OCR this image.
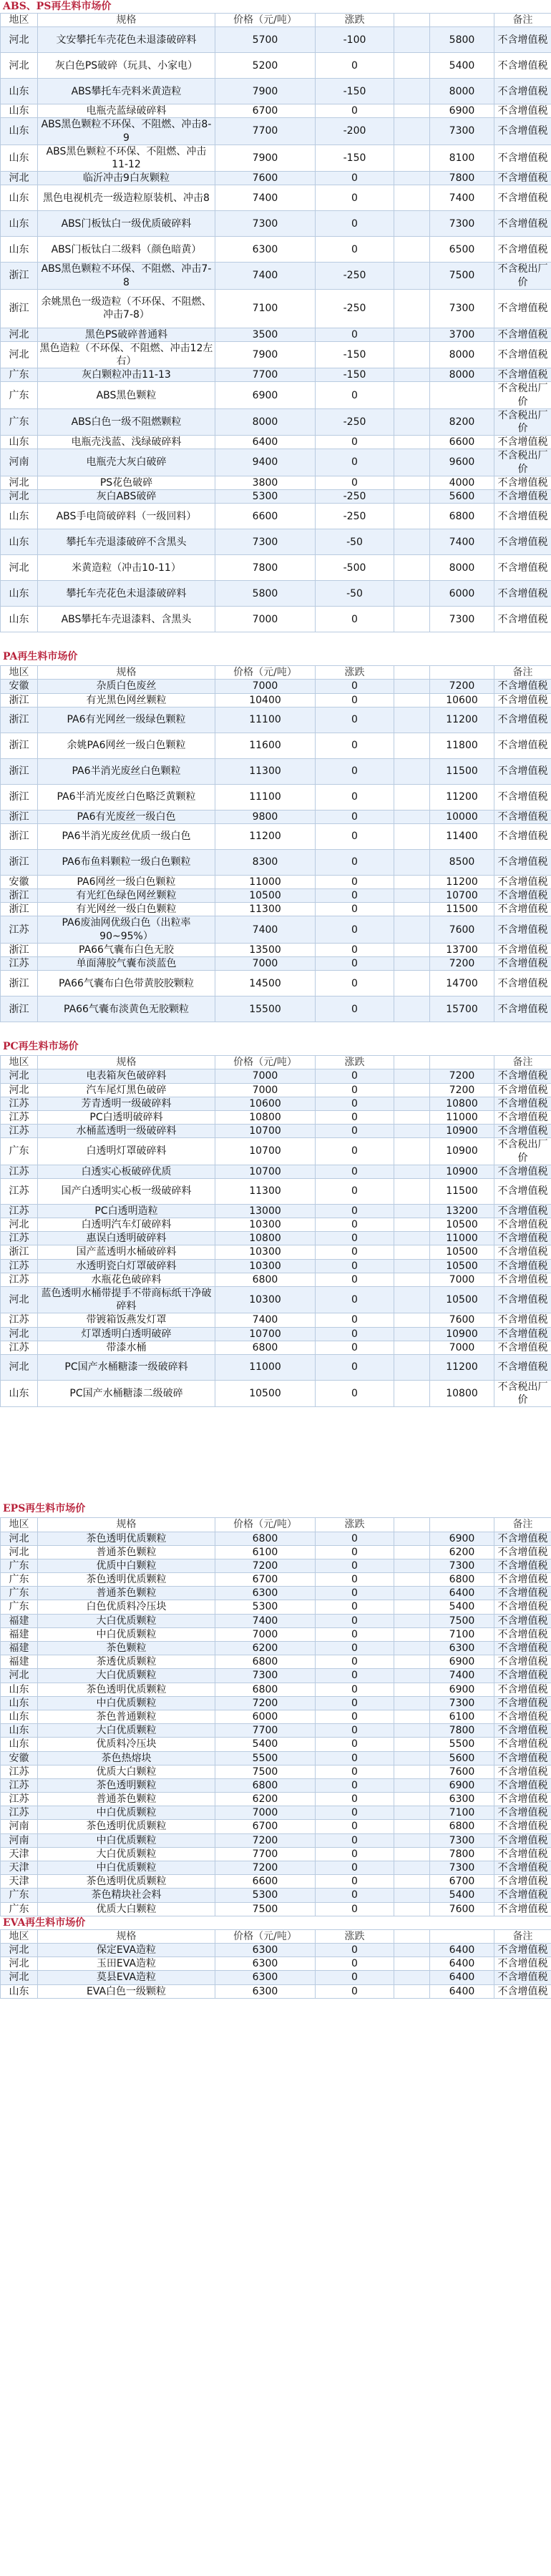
ABS、PS再生料市场价
地区	规格	价格（元/吨）	涨跌			备注
河北	文安攀托车壳花色未退漆破碎料	5700	-100		5800	不含增值税
河北	灰白色PS破碎（玩具、小家电）	5200	0		5400	不含增值税
山东	ABS攀托车壳料米黄造粒	7900	-150		8000	不含增值税
山东	电瓶壳蓝绿破碎料	6700	0		6900	不含增值税
山东	ABS黑色颗粒不环保、不阻燃、冲击8-9	7700	-200		7300	不含增值税
山东	ABS黑色颗粒不环保、不阻燃、冲击11-12	7900	-150		8100	不含增值税
河北	临沂冲击9白灰颗粒	7600	0		7800	不含增值税
山东	黑色电视机壳一级造粒原装机、冲击8	7400	0		7400	不含增值税
山东	ABS门板钛白一级优质破碎料	7300	0		7300	不含增值税
山东	ABS门板钛白二级料（颜色暗黄）	6300	0		6500	不含增值税
浙江	ABS黑色颗粒不环保、不阻燃、冲击7-8	7400	-250		7500	不含税出厂价
浙江	余姚黑色一级造粒（不环保、不阻燃、冲击7-8）	7100	-250		7300	不含增值税
河北	黑色PS破碎普通料	3500	0		3700	不含增值税
河北	黑色造粒（不环保、不阻燃、冲击12左右）	7900	-150		8000	不含增值税
广东	灰白颗粒冲击11-13	7700	-150		8000	不含增值税
广东	ABS黑色颗粒	6900	0			不含税出厂价
广东	ABS白色一级不阻燃颗粒	8000	-250		8200	不含税出厂价
山东	电瓶壳浅蓝、浅绿破碎料	6400	0		6600	不含增值税
河南	电瓶壳大灰白破碎	9400	0		9600	不含税出厂价
河北	PS花色破碎	3800	0		4000	不含增值税
河北	灰白ABS破碎	5300	-250		5600	不含增值税
山东	ABS手电筒破碎料（一级回料）	6600	-250		6800	不含增值税
山东	攀托车壳退漆破碎不含黑头	7300	-50		7400	不含增值税
河北	米黄造粒（冲击10-11）	7800	-500		8000	不含增值税
山东	攀托车壳花色未退漆破碎料	5800	-50		6000	不含增值税
山东	ABS攀托车壳退漆料、含黑头	7000	0		7300	不含增值税
PA再生料市场价
地区	规格	价格（元/吨）	涨跌			备注
安徽	杂质白色废丝	7000	0		7200	不含增值税
浙江	有光黑色网丝颗粒	10400	0		10600	不含增值税
浙江	PA6有光网丝一级绿色颗粒	11100	0		11200	不含增值税
浙江	余姚PA6网丝一级白色颗粒	11600	0		11800	不含增值税
浙江	PA6半消光废丝白色颗粒	11300	0		11500	不含增值税
浙江	PA6半消光废丝白色略泛黄颗粒	11100	0		11200	不含增值税
浙江	PA6有光废丝一级白色	9800	0		10000	不含增值税
浙江	PA6半消光废丝优质一级白色	11200	0		11400	不含增值税
浙江	PA6布鱼料颗粒一级白色颗粒	8300	0		8500	不含增值税
安徽	PA6网丝一级白色颗粒	11000	0		11200	不含增值税
浙江	有光红色绿色网丝颗粒	10500	0		10700	不含增值税
浙江	有光网丝一级白色颗粒	11300	0		11500	不含增值税
江苏	PA6废油网优级白色（出粒率90~95%）	7400	0		7600	不含增值税
浙江	PA66气囊布白色无胶	13500	0		13700	不含增值税
江苏	单面薄胶气囊布淡蓝色	7000	0		7200	不含增值税
浙江	PA66气囊布白色带黄胶胶颗粒	14500	0		14700	不含增值税
浙江	PA66气囊布淡黄色无胶颗粒	15500	0		15700	不含增值税
PC再生料市场价
地区	规格	价格（元/吨）	涨跌			备注
河北	电表箱灰色破碎料	7000	0		7200	不含增值税
河北	汽车尾灯黑色破碎	7000	0		7200	不含增值税
江苏	芳青透明一级破碎料	10600	0		10800	不含增值税
江苏	PC白透明破碎料	10800	0		11000	不含增值税
江苏	水桶蓝透明一级破碎料	10700	0		10900	不含增值税
广东	白透明灯罩破碎料	10700	0		10900	不含税出厂价
江苏	白透实心板破碎优质	10700	0		10900	不含增值税
江苏	国产白透明实心板一级破碎料	11300	0		11500	不含增值税
江苏	PC白透明造粒	13000	0		13200	不含增值税
河北	白透明汽车灯破碎料	10300	0		10500	不含增值税
江苏	惠误白透明破碎料	10800	0		11000	不含增值税
浙江	国产蓝透明水桶破碎料	10300	0		10500	不含增值税
江苏	水透明瓷白灯罩破碎料	10300	0		10500	不含增值税
江苏	水瓶花色破碎料	6800	0		7000	不含增值税
河北	蓝色透明水桶带提手不带商标纸干净破碎料	10300	0		10500	不含增值税
江苏	带镀箱饭燕发灯罩	7400	0		7600	不含增值税
河北	灯罩透明白透明破碎	10700	0		10900	不含增值税
江苏	带漆水桶	6800	0		7000	不含增值税
河北	PC国产水桶糖漆一级破碎料	11000	0		11200	不含增值税
山东	PC国产水桶糖漆二级破碎	10500	0		10800	不含税出厂价
EPS再生料市场价
地区	规格	价格（元/吨）	涨跌			备注
河北	茶色透明优质颗粒	6800	0		6900	不含增值税
河北	普通茶色颗粒	6100	0		6200	不含增值税
广东	优质中白颗粒	7200	0		7300	不含增值税
广东	茶色透明优质颗粒	6700	0		6800	不含增值税
广东	普通茶色颗粒	6300	0		6400	不含增值税
广东	白色优质料冷压块	5300	0		5400	不含增值税
福建	大白优质颗粒	7400	0		7500	不含增值税
福建	中白优质颗粒	7000	0		7100	不含增值税
福建	茶色颗粒	6200	0		6300	不含增值税
福建	茶透优质颗粒	6800	0		6900	不含增值税
河北	大白优质颗粒	7300	0		7400	不含增值税
山东	茶色透明优质颗粒	6800	0		6900	不含增值税
山东	中白优质颗粒	7200	0		7300	不含增值税
山东	茶色普通颗粒	6000	0		6100	不含增值税
山东	大白优质颗粒	7700	0		7800	不含增值税
山东	优质料冷压块	5400	0		5500	不含增值税
安徽	茶色热熔块	5500	0		5600	不含增值税
江苏	优质大白颗粒	7500	0		7600	不含增值税
江苏	茶色透明颗粒	6800	0		6900	不含增值税
江苏	普通茶色颗粒	6200	0		6300	不含增值税
江苏	中白优质颗粒	7000	0		7100	不含增值税
河南	茶色透明优质颗粒	6700	0		6800	不含增值税
河南	中白优质颗粒	7200	0		7300	不含增值税
天津	大白优质颗粒	7700	0		7800	不含增值税
天津	中白优质颗粒	7200	0		7300	不含增值税
天津	茶色透明优质颗粒	6600	0		6700	不含增值税
广东	茶色精块社会料	5300	0		5400	不含增值税
广东	优质大白颗粒	7500	0		7600	不含增值税
EVA再生料市场价
地区	规格	价格（元/吨）	涨跌			备注
河北	保定EVA造粒	6300	0		6400	不含增值税
河北	玉田EVA造粒	6300	0		6400	不含增值税
河北	莫县EVA造粒	6300	0		6400	不含增值税
山东	EVA白色一级颗粒	6300	0		6400	不含增值税
